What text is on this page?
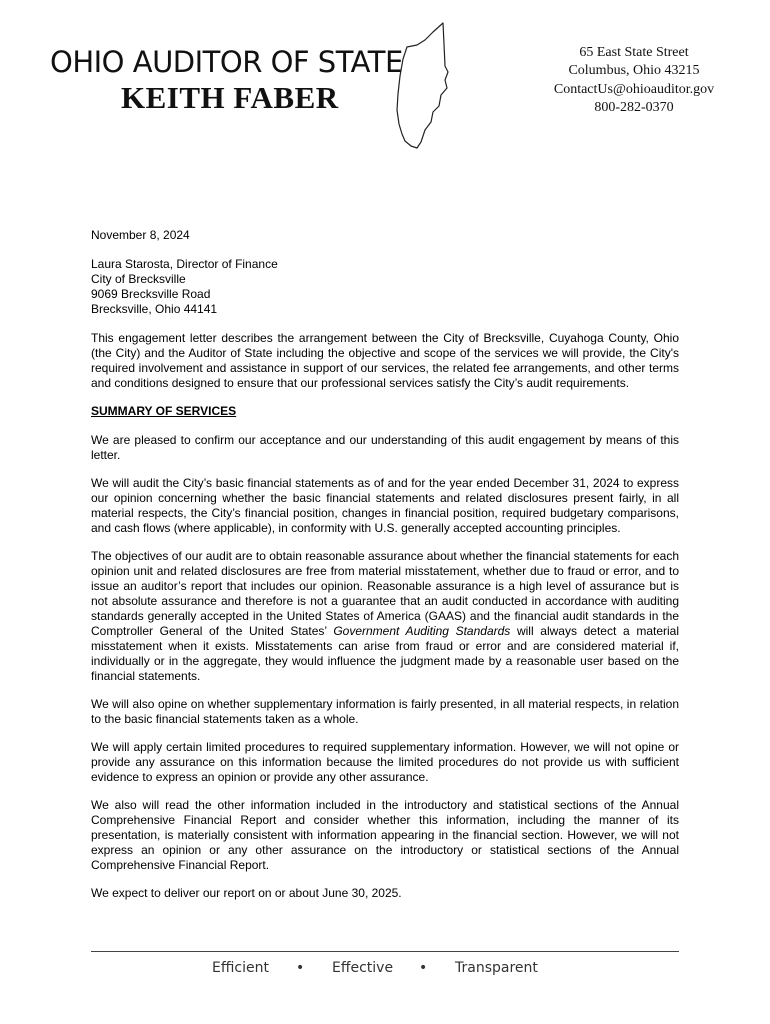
OHIO AUDITOR OF STATE
KEITH FABER
65 East State Street
Columbus, Ohio 43215
ContactUs@ohioauditor.gov
800-282-0370

November 8, 2024

Laura Starosta, Director of Finance
City of Brecksville
9069 Brecksville Road
Brecksville, Ohio 44141

This engagement letter describes the arrangement between the City of Brecksville, Cuyahoga County, Ohio (the City) and the Auditor of State including the objective and scope of the services we will provide, the City's required involvement and assistance in support of our services, the related fee arrangements, and other terms and conditions designed to ensure that our professional services satisfy the City’s audit requirements.

SUMMARY OF SERVICES

We are pleased to confirm our acceptance and our understanding of this audit engagement by means of this letter.

We will audit the City’s basic financial statements as of and for the year ended December 31, 2024 to express our opinion concerning whether the basic financial statements and related disclosures present fairly, in all material respects, the City’s financial position, changes in financial position, required budgetary comparisons, and cash flows (where applicable), in conformity with U.S. generally accepted accounting principles.

The objectives of our audit are to obtain reasonable assurance about whether the financial statements for each opinion unit and related disclosures are free from material misstatement, whether due to fraud or error, and to issue an auditor’s report that includes our opinion. Reasonable assurance is a high level of assurance but is not absolute assurance and therefore is not a guarantee that an audit conducted in accordance with auditing standards generally accepted in the United States of America (GAAS) and the financial audit standards in the Comptroller General of the United States’ Government Auditing Standards will always detect a material misstatement when it exists. Misstatements can arise from fraud or error and are considered material if, individually or in the aggregate, they would influence the judgment made by a reasonable user based on the financial statements.

We will also opine on whether supplementary information is fairly presented, in all material respects, in relation to the basic financial statements taken as a whole.

We will apply certain limited procedures to required supplementary information. However, we will not opine or provide any assurance on this information because the limited procedures do not provide us with sufficient evidence to express an opinion or provide any other assurance.

We also will read the other information included in the introductory and statistical sections of the Annual Comprehensive Financial Report and consider whether this information, including the manner of its presentation, is materially consistent with information appearing in the financial section. However, we will not express an opinion or any other assurance on the introductory or statistical sections of the Annual Comprehensive Financial Report.

We expect to deliver our report on or about June 30, 2025.

Efficient • Effective • Transparent
